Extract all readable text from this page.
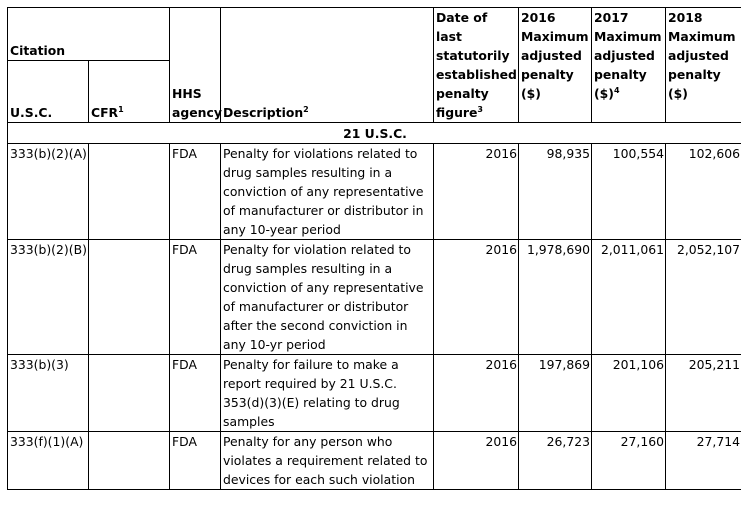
Citation		HHS agency	Description$^2$	Date of last statutorily established penalty figure$^3$	2016 Maximum adjusted penalty ($)	2017 Maximum adjusted penalty ($)$^4$	2018 Maximum adjusted penalty ($)
U.S.C.	CFR$^1$
21 U.S.C.							
333(b)(2)(A)		FDA	Penalty for violations related to drug samples resulting in a conviction of any representative of manufacturer or distributor in any 10-year period	2016	98,935	100,554	102,606
333(b)(2)(B)		FDA	Penalty for violation related to drug samples resulting in a conviction of any representative of manufacturer or distributor after the second conviction in any 10-yr period	2016	1,978,690	2,011,061	2,052,107
333(b)(3)		FDA	Penalty for failure to make a report required by 21 U.S.C. 353(d)(3)(E) relating to drug samples	2016	197,869	201,106	205,211
333(f)(1)(A)		FDA	Penalty for any person who violates a requirement related to devices for each such violation	2016	26,723	27,160	27,714
